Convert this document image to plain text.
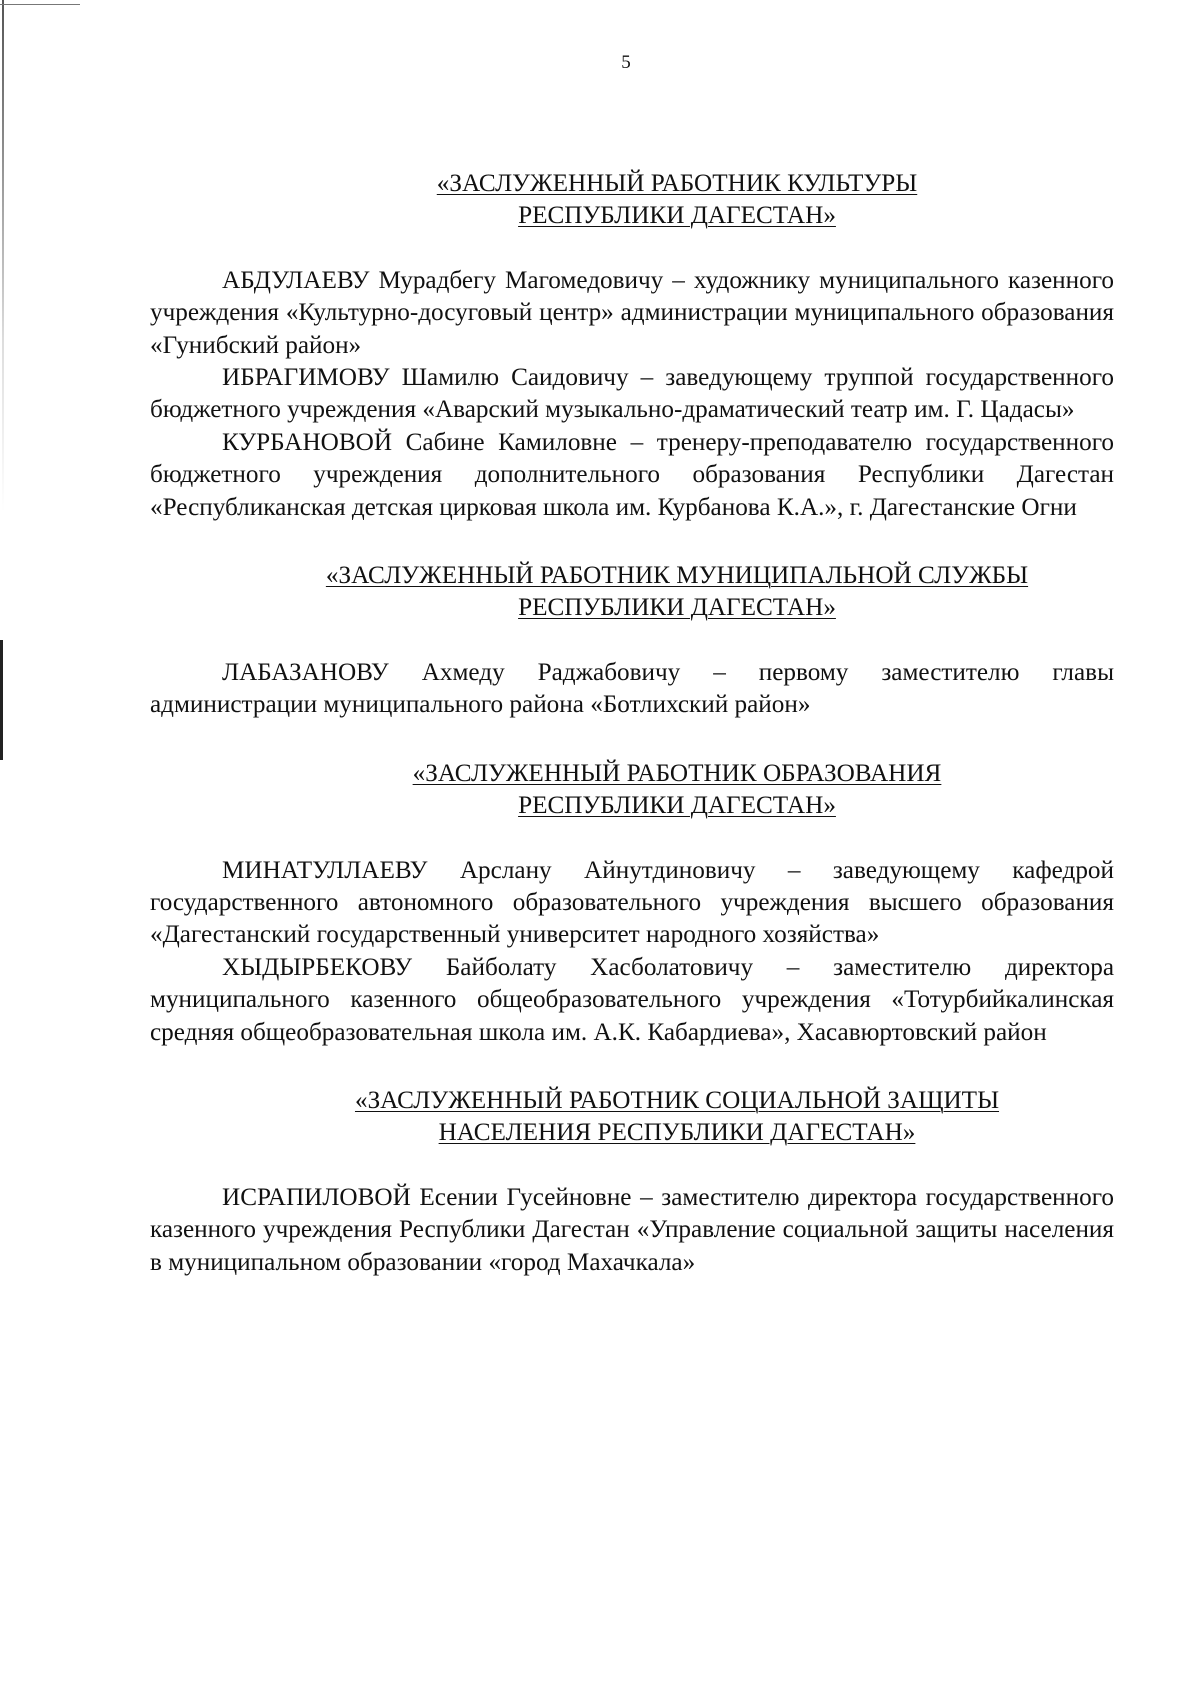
5
«ЗАСЛУЖЕННЫЙ РАБОТНИК КУЛЬТУРЫ
РЕСПУБЛИКИ ДАГЕСТАН»

АБДУЛАЕВУ Мурадбегу Магомедовичу – художнику муниципального казенного учреждения «Культурно-досуговый центр» администрации муниципального образования «Гунибский район»

ИБРАГИМОВУ Шамилю Саидовичу – заведующему труппой государственного бюджетного учреждения «Аварский музыкально-драматический театр им. Г. Цадасы»

КУРБАНОВОЙ Сабине Камиловне – тренеру-преподавателю государственного бюджетного учреждения дополнительного образования Республики Дагестан «Республиканская детская цирковая школа им. Курбанова К.А.», г. Дагестанские Огни

«ЗАСЛУЖЕННЫЙ РАБОТНИК МУНИЦИПАЛЬНОЙ СЛУЖБЫ
РЕСПУБЛИКИ ДАГЕСТАН»

ЛАБАЗАНОВУ Ахмеду Раджабовичу – первому заместителю главы администрации муниципального района «Ботлихский район»

«ЗАСЛУЖЕННЫЙ РАБОТНИК ОБРАЗОВАНИЯ
РЕСПУБЛИКИ ДАГЕСТАН»

МИНАТУЛЛАЕВУ Арслану Айнутдиновичу – заведующему кафедрой государственного автономного образовательного учреждения высшего образования «Дагестанский государственный университет народного хозяйства»

ХЫДЫРБЕКОВУ Байболату Хасболатовичу – заместителю директора муниципального казенного общеобразовательного учреждения «Тотурбийкалинская средняя общеобразовательная школа им. А.К. Кабардиева», Хасавюртовский район

«ЗАСЛУЖЕННЫЙ РАБОТНИК СОЦИАЛЬНОЙ ЗАЩИТЫ
НАСЕЛЕНИЯ РЕСПУБЛИКИ ДАГЕСТАН»

ИСРАПИЛОВОЙ Есении Гусейновне – заместителю директора государственного казенного учреждения Республики Дагестан «Управление социальной защиты населения в муниципальном образовании «город Махачкала»
